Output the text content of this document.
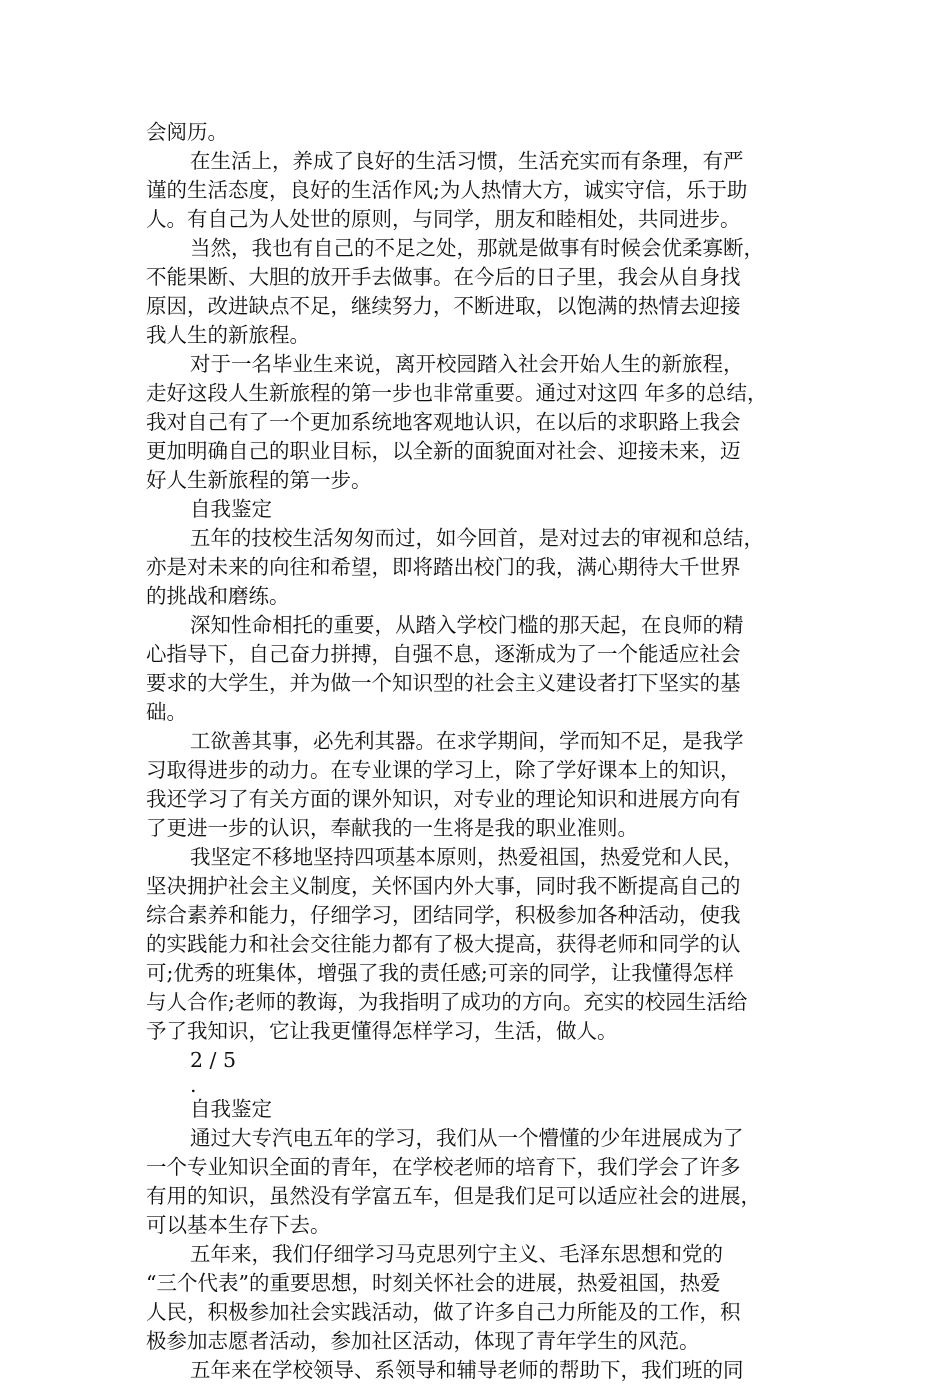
会阅历。
在生活上，养成了良好的生活习惯，生活充实而有条理，有严
谨的生活态度，良好的生活作风;为人热情大方，诚实守信，乐于助
人。有自己为人处世的原则，与同学，朋友和睦相处，共同进步。
当然，我也有自己的不足之处，那就是做事有时候会优柔寡断，
不能果断、大胆的放开手去做事。在今后的日子里，我会从自身找
原因，改进缺点不足，继续努力，不断进取，以饱满的热情去迎接
我人生的新旅程。
对于一名毕业生来说，离开校园踏入社会开始人生的新旅程，
走好这段人生新旅程的第一步也非常重要。通过对这四 年多的总结，
我对自己有了一个更加系统地客观地认识，在以后的求职路上我会
更加明确自己的职业目标，以全新的面貌面对社会、迎接未来，迈
好人生新旅程的第一步。
自我鉴定
五年的技校生活匆匆而过，如今回首，是对过去的审视和总结，
亦是对未来的向往和希望，即将踏出校门的我，满心期待大千世界
的挑战和磨练。
深知性命相托的重要，从踏入学校门槛的那天起，在良师的精
心指导下，自己奋力拼搏，自强不息，逐渐成为了一个能适应社会
要求的大学生，并为做一个知识型的社会主义建设者打下坚实的基
础。
工欲善其事，必先利其器。在求学期间，学而知不足，是我学
习取得进步的动力。在专业课的学习上，除了学好课本上的知识，
我还学习了有关方面的课外知识，对专业的理论知识和进展方向有
了更进一步的认识，奉献我的一生将是我的职业准则。
我坚定不移地坚持四项基本原则，热爱祖国，热爱党和人民，
坚决拥护社会主义制度，关怀国内外大事，同时我不断提高自己的
综合素养和能力，仔细学习，团结同学，积极参加各种活动，使我
的实践能力和社会交往能力都有了极大提高，获得老师和同学的认
可;优秀的班集体，增强了我的责任感;可亲的同学，让我懂得怎样
与人合作;老师的教诲，为我指明了成功的方向。充实的校园生活给
予了我知识，它让我更懂得怎样学习，生活，做人。
2 / 5
.
自我鉴定
通过大专汽电五年的学习，我们从一个懵懂的少年进展成为了
一个专业知识全面的青年，在学校老师的培育下，我们学会了许多
有用的知识，虽然没有学富五车，但是我们足可以适应社会的进展，
可以基本生存下去。
五年来，我们仔细学习马克思列宁主义、毛泽东思想和党的
“三个代表”的重要思想，时刻关怀社会的进展，热爱祖国，热爱
人民，积极参加社会实践活动，做了许多自己力所能及的工作，积
极参加志愿者活动，参加社区活动，体现了青年学生的风范。
五年来在学校领导、系领导和辅导老师的帮助下，我们班的同
